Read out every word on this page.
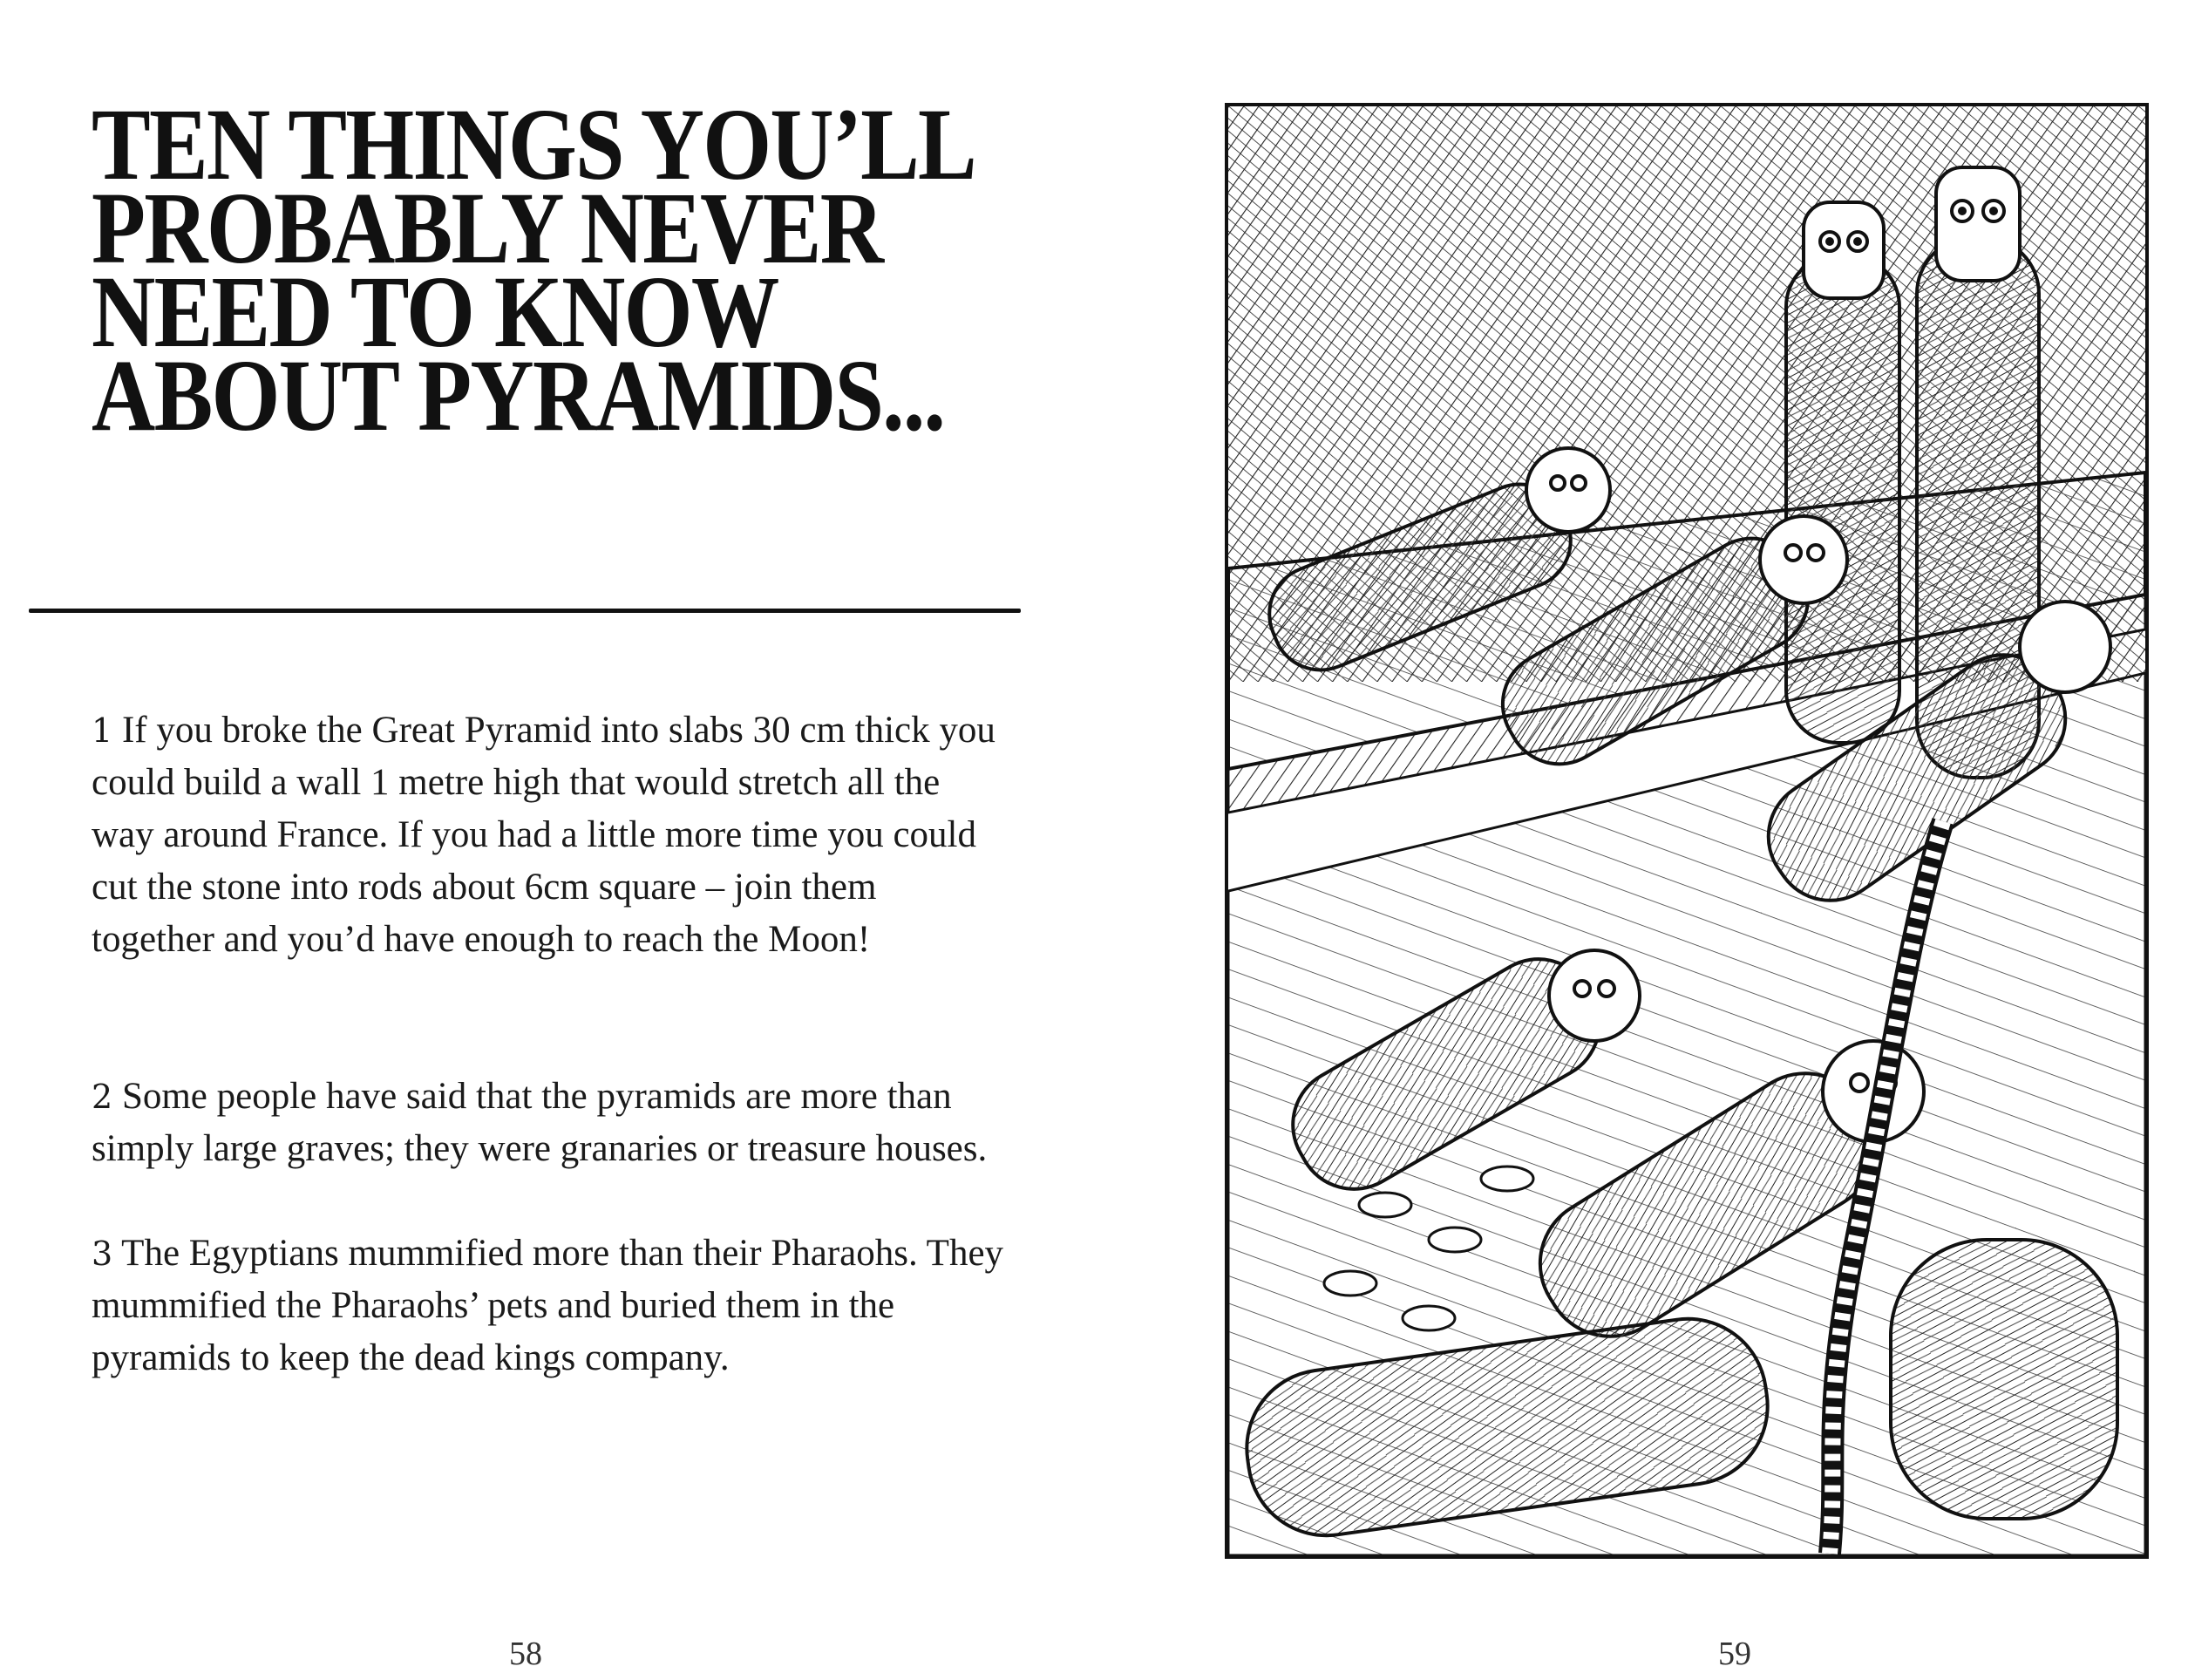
TEN THINGS YOU’LL
PROBABLY NEVER
NEED TO KNOW
ABOUT PYRAMIDS...

1 If you broke the Great Pyramid into slabs 30 cm thick you could build a wall 1 metre high that would stretch all the way around France. If you had a little more time you could cut the stone into rods about 6cm square – join them together and you’d have enough to reach the Moon!

2 Some people have said that the pyramids are more than simply large graves; they were granaries or treasure houses.

3 The Egyptians mummified more than their Pharaohs. They mummified the Pharaohs’ pets and buried them in the pyramids to keep the dead kings company.

58	59
